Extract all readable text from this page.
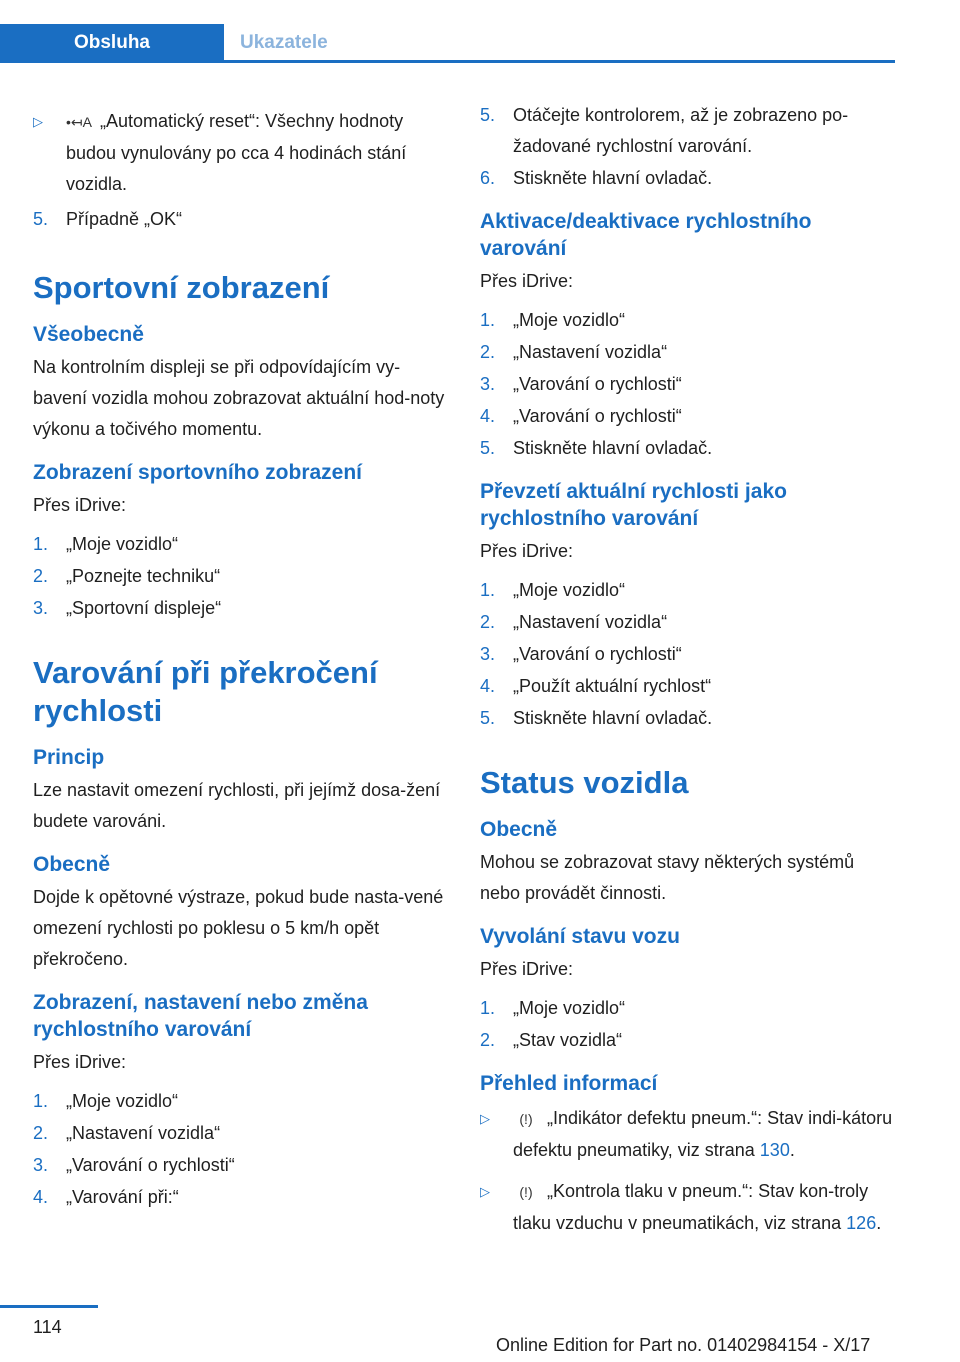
Obsluha	Ukazatele
▷	•↤A „Automatický reset“: Všechny hodnoty budou vynulovány po cca 4 hodinách stání vozidla.
5. Případně „OK“
Sportovní zobrazení
Všeobecně

Na kontrolním displeji se při odpovídajícím vy-bavení vozidla mohou zobrazovat aktuální hod-noty výkonu a točivého momentu.

Zobrazení sportovního zobrazení

Přes iDrive:

1. „Moje vozidlo“
2. „Poznejte techniku“
3. „Sportovní displeje“
Varování při překročení rychlosti
Princip

Lze nastavit omezení rychlosti, při jejímž dosa-žení budete varováni.

Obecně

Dojde k opětovné výstraze, pokud bude nasta-vené omezení rychlosti po poklesu o 5 km/h opět překročeno.

Zobrazení, nastavení nebo změna rychlostního varování

Přes iDrive:

1. „Moje vozidlo“
2. „Nastavení vozidla“
3. „Varování o rychlosti“
4. „Varování při:“
5. Otáčejte kontrolorem, až je zobrazeno po-žadované rychlostní varování.
6. Stiskněte hlavní ovladač.
Aktivace/deaktivace rychlostního varování

Přes iDrive:

1. „Moje vozidlo“
2. „Nastavení vozidla“
3. „Varování o rychlosti“
4. „Varování o rychlosti“
5. Stiskněte hlavní ovladač.
Převzetí aktuální rychlosti jako rychlostního varování

Přes iDrive:

1. „Moje vozidlo“
2. „Nastavení vozidla“
3. „Varování o rychlosti“
4. „Použít aktuální rychlost“
5. Stiskněte hlavní ovladač.
Status vozidla
Obecně

Mohou se zobrazovat stavy některých systémů nebo provádět činnosti.

Vyvolání stavu vozu

Přes iDrive:

1. „Moje vozidlo“
2. „Stav vozidla“
Přehled informací
▷	(!) „Indikátor defektu pneum.“: Stav indi-kátoru defektu pneumatiky, viz strana 130.
▷	(!) „Kontrola tlaku v pneum.“: Stav kon-troly tlaku vzduchu v pneumatikách, viz strana 126.
114
Online Edition for Part no. 01402984154 - X/17
